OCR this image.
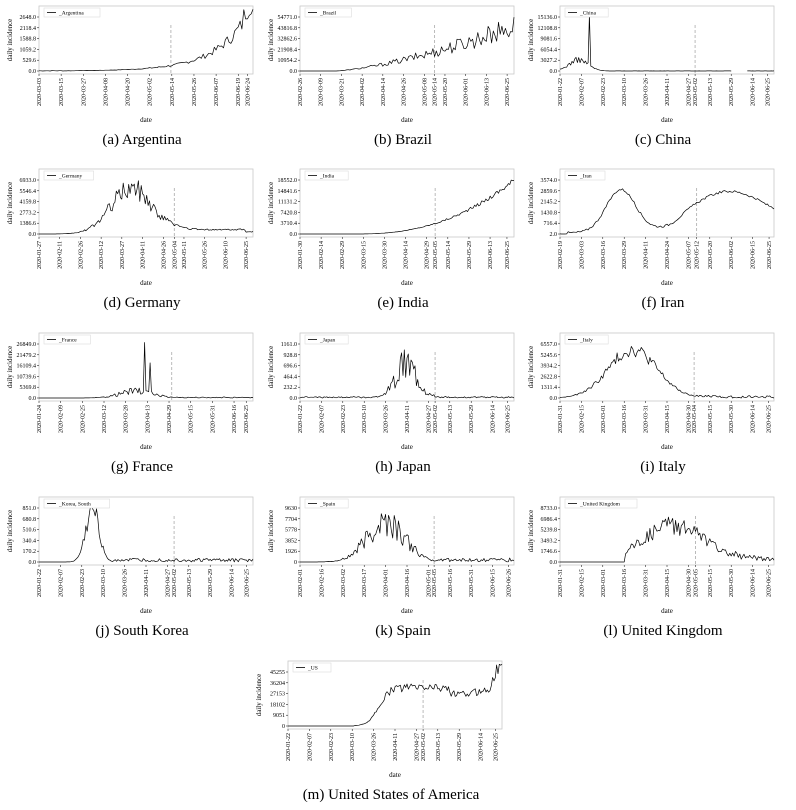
0.0
529.6
1059.2
1588.8
2118.4
2648.0
2020-03-03	2020-03-15	2020-03-27	2020-04-08	2020-04-20	2020-05-02	2020-05-14	2020-05-26	2020-06-07	2020-06-19 2020-06-24
_Argentina
daily incidence
date
(a) Argentina
0.0
10954.2
21908.4
32862.6
43816.8
54771.0
2020-02-26 2020-03-09 2020-03-21 2020-04-02 2020-04-14 2020-04-26 2020-05-08 2020-05-14 2020-05-20 2020-06-01 2020-06-13 2020-06-25
_Brazil
daily incidence
date
(b) Brazil
0.0
3027.2
6054.4
9081.6
12108.8
15136.0
2020-01-22	2020-02-07	2020-02-23	2020-03-10	2020-03-26	2020-04-11	2020-04-27 2020-05-02 2020-05-13	2020-05-29	2020-06-14 2020-06-25
_China
daily incidence
date
(c) China
0.0
1386.6
2773.2
4159.8
5546.4
6933.0
2020-01-27 2020-02-11 2020-02-26 2020-03-12 2020-03-27 2020-04-11 2020-04-26 2020-05-04 2020-05-11 2020-05-26 2020-06-10 2020-06-25
_Germany
daily incidence
date
(d) Germany
0.0
3710.4
7420.8
11131.2
14841.6
18552.0
2020-01-30	2020-02-14	2020-02-29	2020-03-15	2020-03-30	2020-04-14	2020-04-29 2020-05-05 2020-05-14	2020-05-29	2020-06-13 2020-06-25
_India
daily incidence
date
(e) India
2.0
716.4
1430.8
2145.2
2859.6
3574.0
2020-02-19	2020-03-03	2020-03-16	2020-03-29	2020-04-11	2020-04-24	2020-05-07 2020-05-12 2020-05-20	2020-06-02	2020-06-15 2020-06-25
_Iran
daily incidence
date
(f) Iran
0.0
5369.8
10739.6
16109.4
21479.2
26849.0
2020-01-24	2020-02-09	2020-02-25	2020-03-12	2020-03-28	2020-04-13	2020-04-29	2020-05-15	2020-05-31	2020-06-16 2020-06-25
_France
daily incidence
date
(g) France
0.0
232.2
464.4
696.6
928.8
1161.0
2020-01-22	2020-02-07	2020-02-23	2020-03-10	2020-03-26	2020-04-11	2020-04-27 2020-05-02 2020-05-13	2020-05-29	2020-06-14 2020-06-25
_Japan
daily incidence
date
(h) Japan
0.0
1311.4
2622.8
3934.2
5245.6
6557.0
2020-01-31	2020-02-15	2020-03-01	2020-03-16	2020-03-31	2020-04-15	2020-04-30 2020-05-04 2020-05-15	2020-05-30	2020-06-14 2020-06-25
_Italy
daily incidence
date
(i) Italy
0.0
170.2
340.4
510.6
680.8
851.0
2020-01-22	2020-02-07	2020-02-23	2020-03-10	2020-03-26	2020-04-11	2020-04-27 2020-05-02 2020-05-13	2020-05-29	2020-06-14 2020-06-25
_Korea, South
daily incidence
date
(j) South Korea
0
1926
3852
5778
7704
9630
2020-02-01	2020-02-16	2020-03-02	2020-03-17	2020-04-01	2020-04-16	2020-05-01 2020-05-05 2020-05-16	2020-05-31	2020-06-15 2020-06-26
_Spain
daily incidence
date
(k) Spain
0.0
1746.6
3493.2
5239.8
6986.4
8733.0
2020-01-31	2020-02-15	2020-03-01	2020-03-16	2020-03-31	2020-04-15	2020-04-30 2020-05-05 2020-05-15	2020-05-30	2020-06-14 2020-06-25
_United Kingdom
daily incidence
date
(l) United Kingdom
0
9051
18102
27153
36204
45255
2020-01-22	2020-02-07	2020-02-23	2020-03-10	2020-03-26	2020-04-11	2020-04-27 2020-05-02 2020-05-13	2020-05-29	2020-06-14 2020-06-25
_US
daily incidence
date
(m) United States of America
